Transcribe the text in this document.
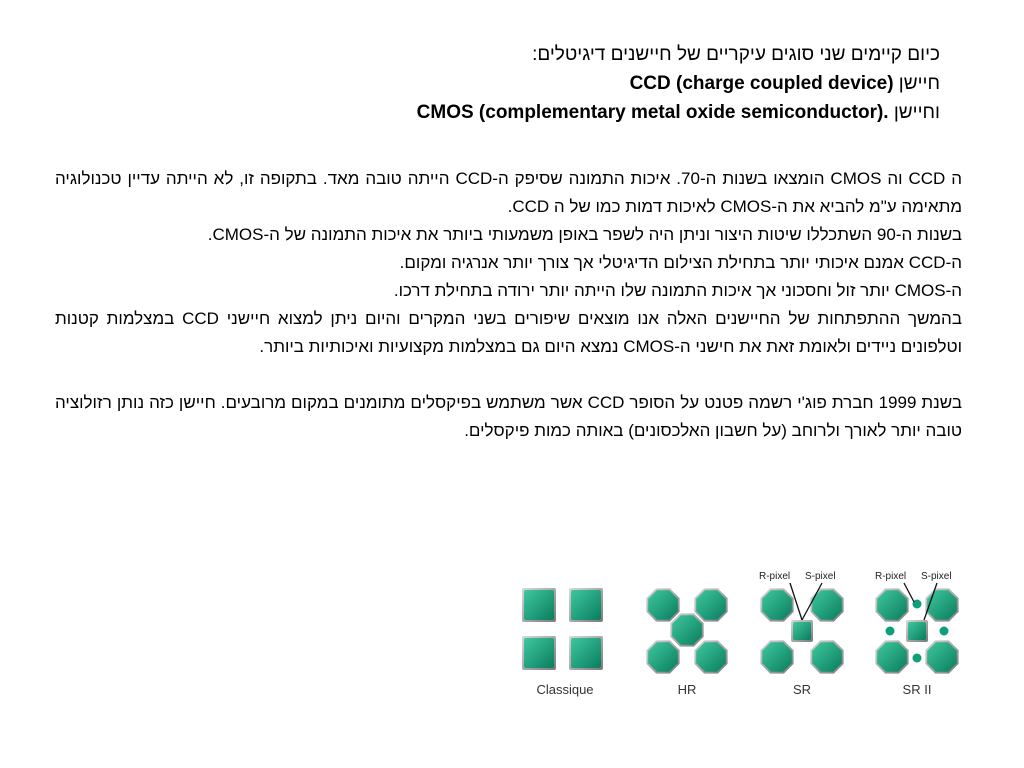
כיום קיימים שני סוגים עיקריים של חיישנים דיגיטלים:
חיישן CCD (charge coupled device)
וחיישן CMOS (complementary metal oxide semiconductor).

ה CCD וה CMOS הומצאו בשנות ה-70. איכות התמונה שסיפק ה-CCD הייתה טובה מאד. בתקופה זו, לא הייתה עדיין טכנולוגיה מתאימה ע"מ להביא את ה-CMOS לאיכות דמות כמו של ה CCD.

בשנות ה-90 השתכללו שיטות היצור וניתן היה לשפר באופן משמעותי ביותר את איכות התמונה של ה-CMOS.

ה-CCD אמנם איכותי יותר בתחילת הצילום הדיגיטלי אך צורך יותר אנרגיה ומקום.

ה-CMOS יותר זול וחסכוני אך איכות התמונה שלו הייתה יותר ירודה בתחילת דרכו.

בהמשך ההתפתחות של החיישנים האלה אנו מוצאים שיפורים בשני המקרים והיום ניתן למצוא חיישני CCD במצלמות קטנות וטלפונים ניידים ולאומת זאת את חישני ה-CMOS נמצא היום גם במצלמות מקצועיות ואיכותיות ביותר.

בשנת 1999 חברת פוג'י רשמה פטנט על הסופר CCD אשר משתמש בפיקסלים מתומנים במקום מרובעים. חיישן כזה נותן רזולוציה טובה יותר לאורך ולרוחב (על חשבון האלכסונים) באותה כמות פיקסלים.

Classique	HR	SR	SR II
R-pixel S-pixel	R-pixel S-pixel
